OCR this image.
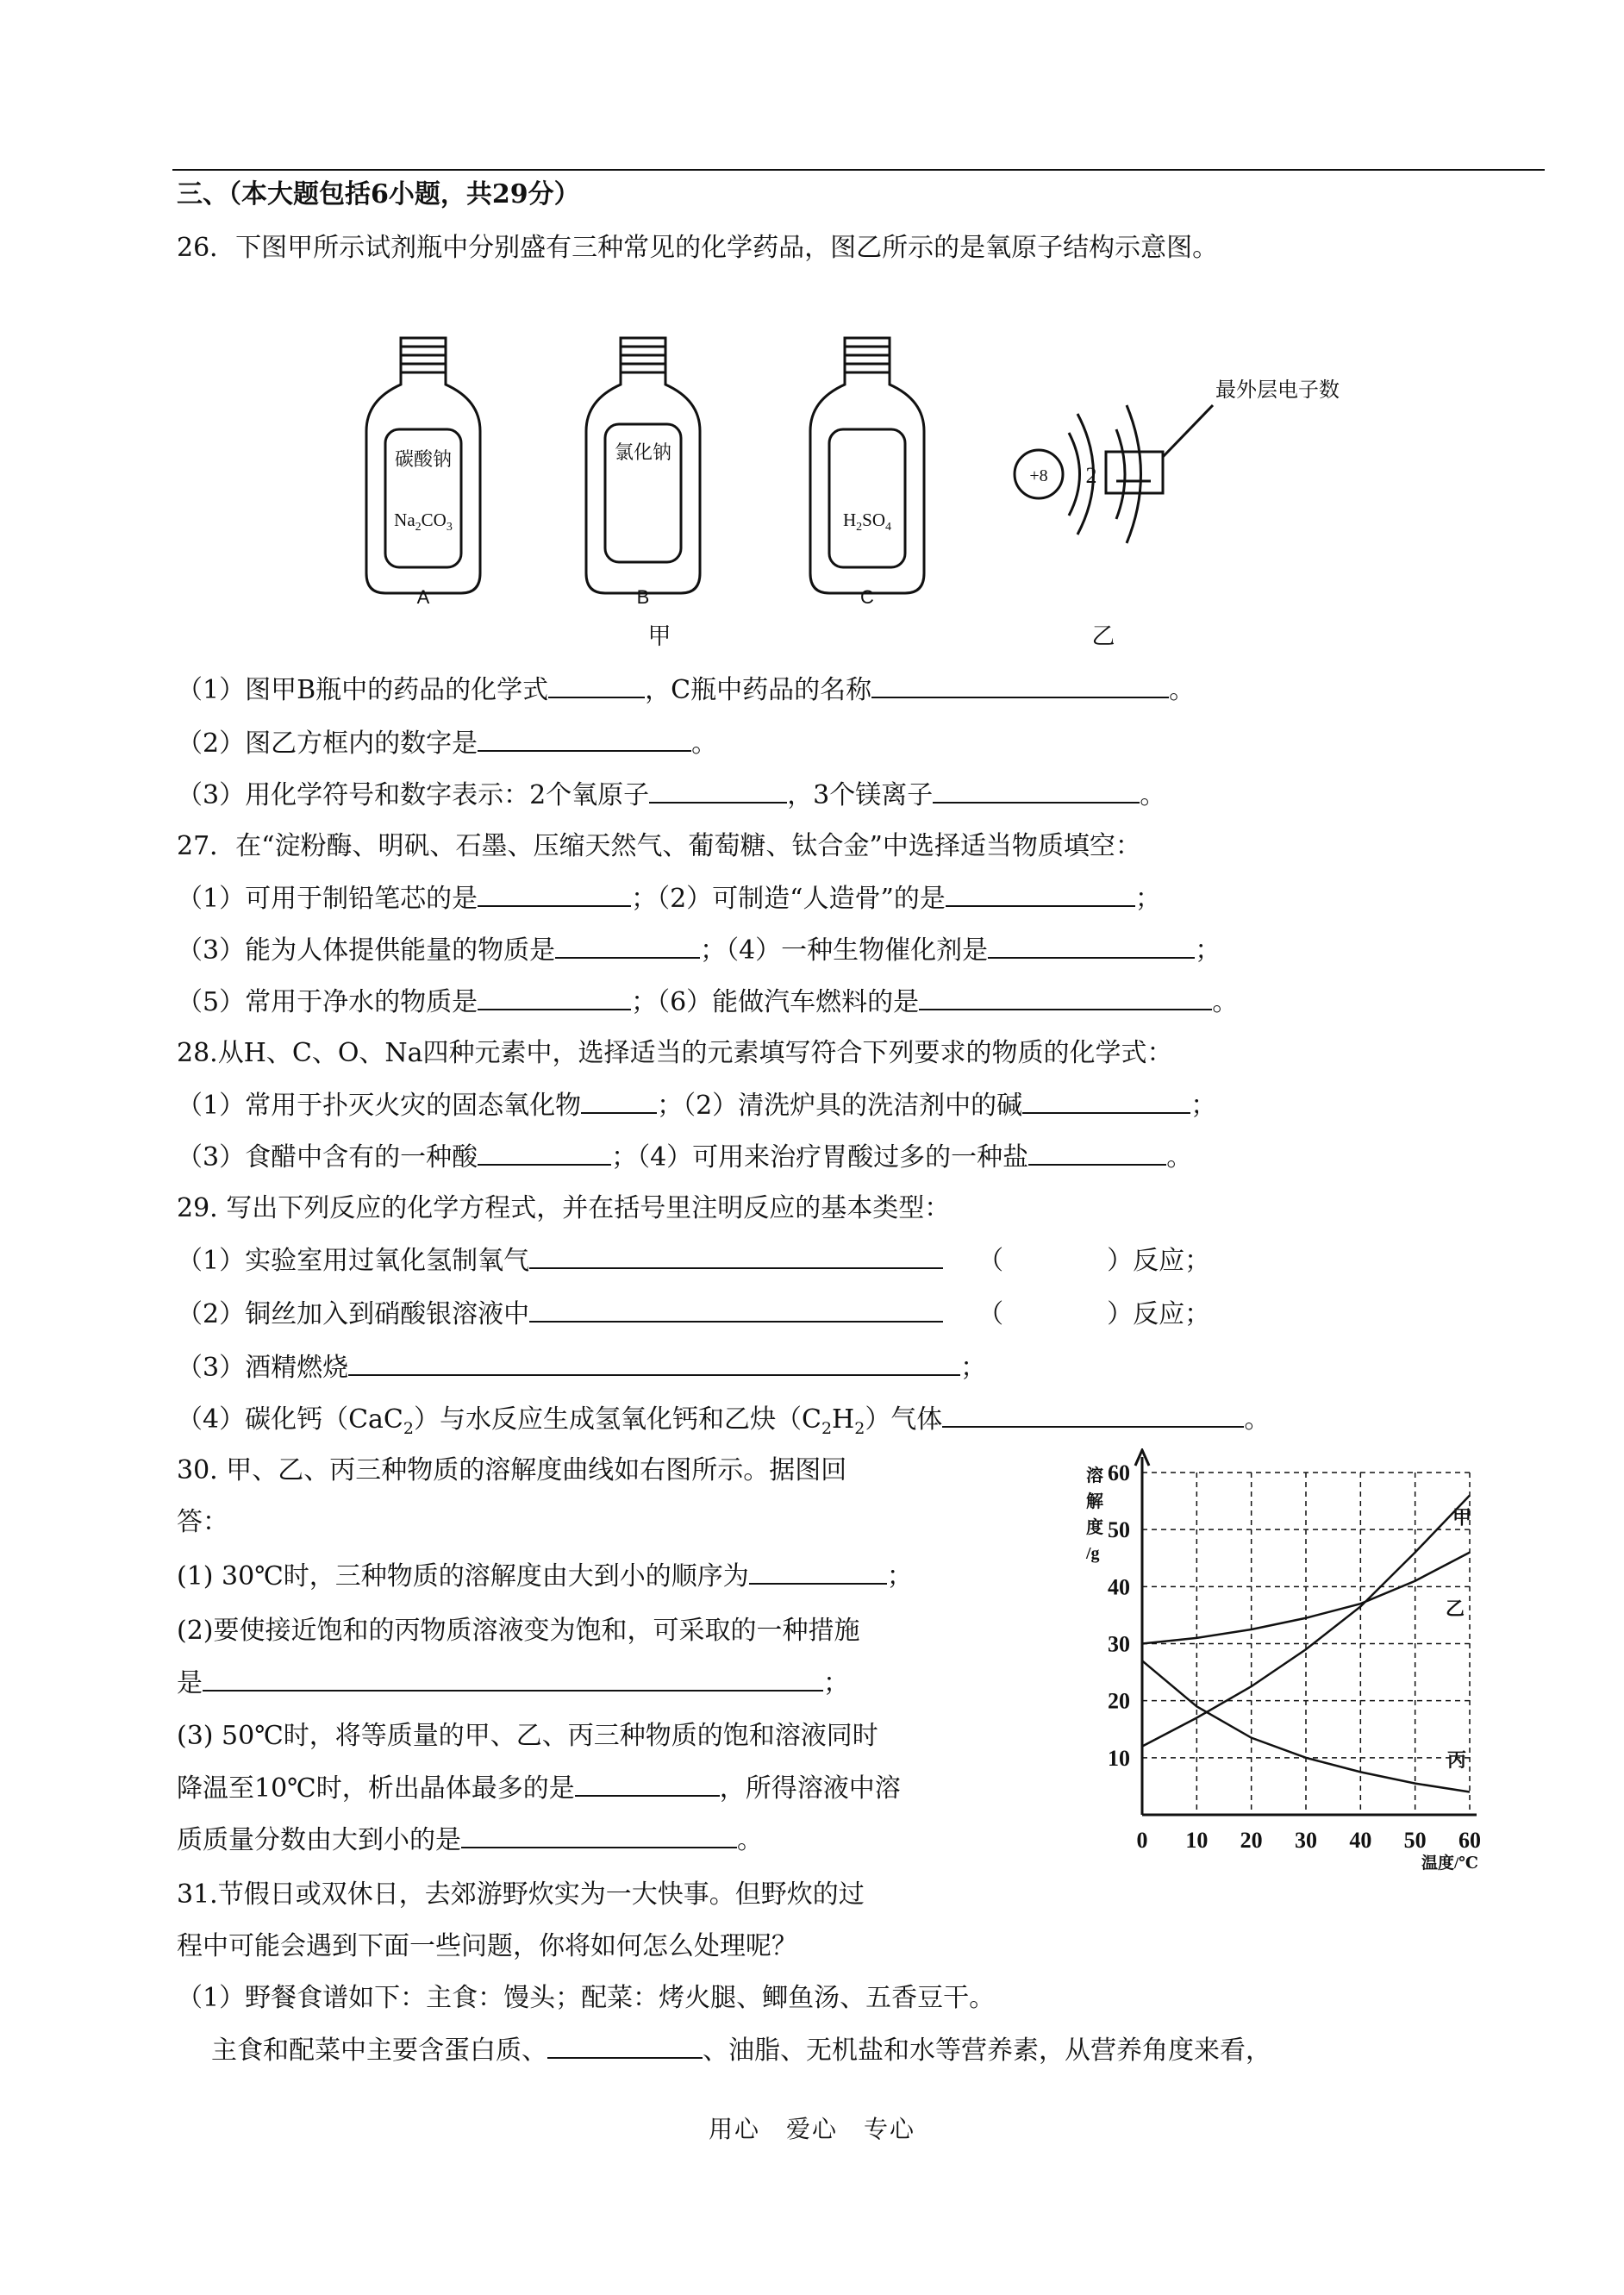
三、（本大题包括6小题，共29分）
26．下图甲所示试剂瓶中分别盛有三种常见的化学药品，图乙所示的是氧原子结构示意图。
碳酸钠
$Na_2CO_3$
A
氯化钠
B
$H_2SO_4$
C
甲
+8 2
最外层电子数
乙
（1）图甲B瓶中的药品的化学式	，C瓶中药品的名称	。
（2）图乙方框内的数字是	。
（3）用化学符号和数字表示：2个氧原子	，3个镁离子	。
27．在“淀粉酶、明矾、石墨、压缩天然气、葡萄糖、钛合金”中选择适当物质填空：
（1）可用于制铅笔芯的是	；（2）可制造“人造骨”的是	；
（3）能为人体提供能量的物质是	；（4）一种生物催化剂是	；
（5）常用于净水的物质是	；（6）能做汽车燃料的是	。
28.从H、C、O、Na四种元素中，选择适当的元素填写符合下列要求的物质的化学式：
（1）常用于扑灭火灾的固态氧化物	；（2）清洗炉具的洗洁剂中的碱	；
（3）食醋中含有的一种酸	；（4）可用来治疗胃酸过多的一种盐	。
29. 写出下列反应的化学方程式，并在括号里注明反应的基本类型：
（1）实验室用过氧化氢制氧气	（	）反应；
（2）铜丝加入到硝酸银溶液中	（	）反应；
（3）酒精燃烧	；
（4）碳化钙（CaC$_2$）与水反应生成氢氧化钙和乙炔$(C_2H_2)$气体	。
30. 甲、乙、丙三种物质的溶解度曲线如右图所示。据图回
答：
(1) 30℃时，三种物质的溶解度由大到小的顺序为	；
(2)要使接近饱和的丙物质溶液变为饱和，可采取的一种措施
是	；
(3) 50℃时，将等质量的甲、乙、丙三种物质的饱和溶液同时
降温至10℃时，析出晶体最多的是	，所得溶液中溶
质质量分数由大到小的是	。	0 10 20 30 40 50 60
10
20
30
40
50
60
溶
解
度
/g
温度/℃
甲
乙
丙
31.节假日或双休日，去郊游野炊实为一大快事。但野炊的过
程中可能会遇到下面一些问题，你将如何怎么处理呢？
（1）野餐食谱如下：主食：馒头；配菜：烤火腿、鲫鱼汤、五香豆干。
主食和配菜中主要含蛋白质、	、油脂、无机盐和水等营养素，从营养角度来看，
用心　爱心　专心
